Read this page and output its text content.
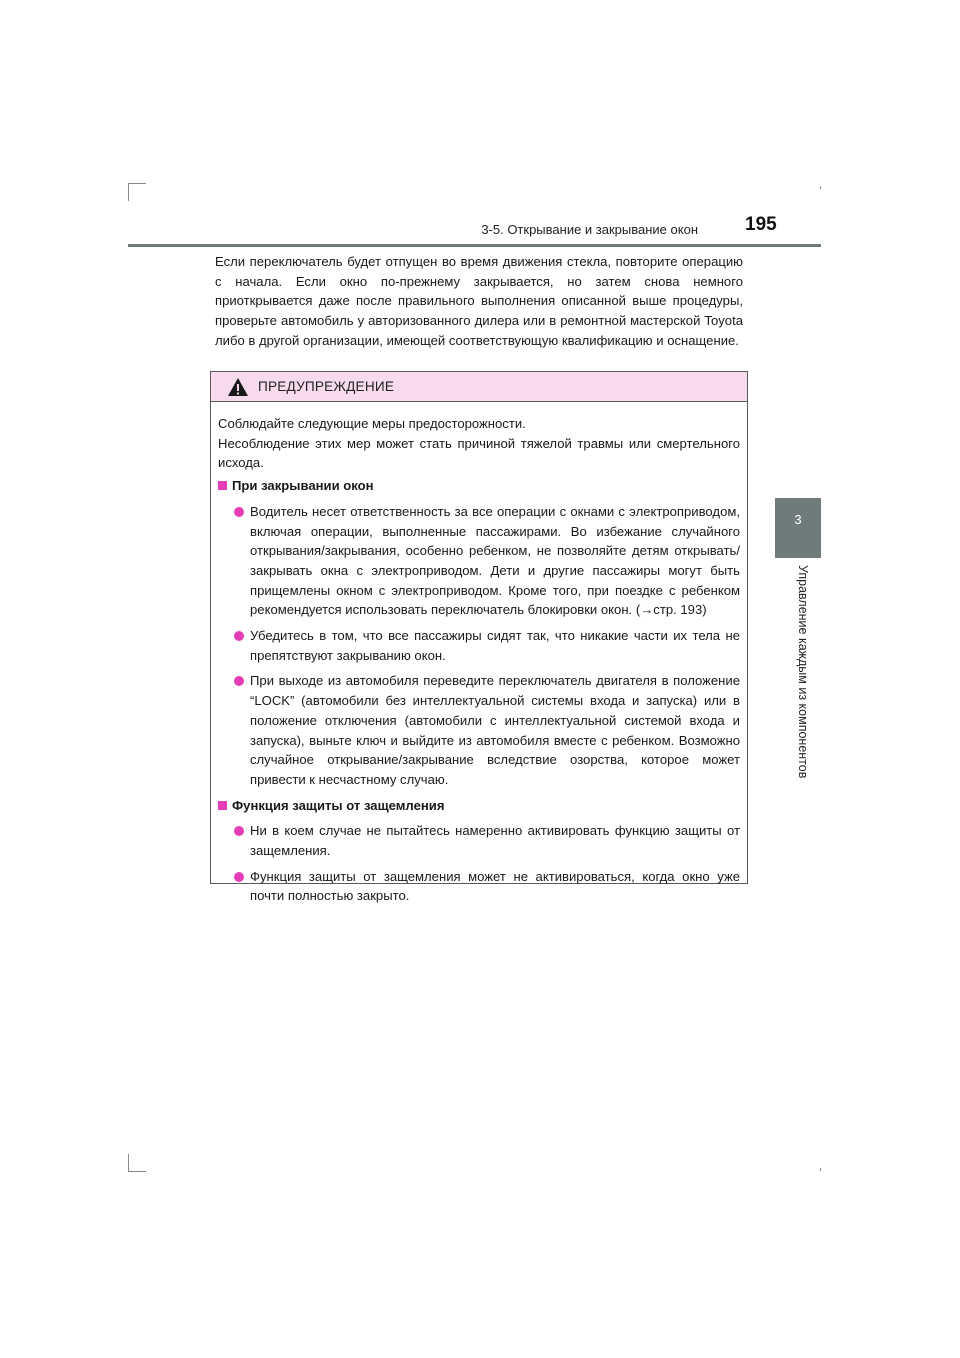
3-5. Открывание и закрывание окон 195
3
Управление каждым из компонентов

Если переключатель будет отпущен во время движения стекла, повторите операцию с начала. Если окно по-прежнему закрывается, но затем снова немного приоткрывается даже после правильного выполнения описанной выше процедуры, проверьте автомобиль у авторизованного дилера или в ремонтной мастерской Toyota либо в другой организации, имеющей соответствующую квалификацию и оснащение.

ПРЕДУПРЕЖДЕНИЕ

Соблюдайте следующие меры предосторожности.

Несоблюдение этих мер может стать причиной тяжелой травмы или смертельного исхода.

При закрывании окон
Водитель несет ответственность за все операции с окнами с электроприводом, включая операции, выполненные пассажирами. Во избежание случайного открывания/закрывания, особенно ребенком, не позволяйте детям открывать/закрывать окна с электроприводом. Дети и другие пассажиры могут быть прищемлены окном с электроприводом. Кроме того, при поездке с ребенком рекомендуется использовать переключатель блокировки окон. (→стр. 193)
Убедитесь в том, что все пассажиры сидят так, что никакие части их тела не препятствуют закрыванию окон.
При выходе из автомобиля переведите переключатель двигателя в положение “LOCK” (автомобили без интеллектуальной системы входа и запуска) или в положение отключения (автомобили с интеллектуальной системой входа и запуска), выньте ключ и выйдите из автомобиля вместе с ребенком. Возможно случайное открывание/закрывание вследствие озорства, которое может привести к несчастному случаю.
Функция защиты от защемления
Ни в коем случае не пытайтесь намеренно активировать функцию защиты от защемления.
Функция защиты от защемления может не активироваться, когда окно уже почти полностью закрыто.
